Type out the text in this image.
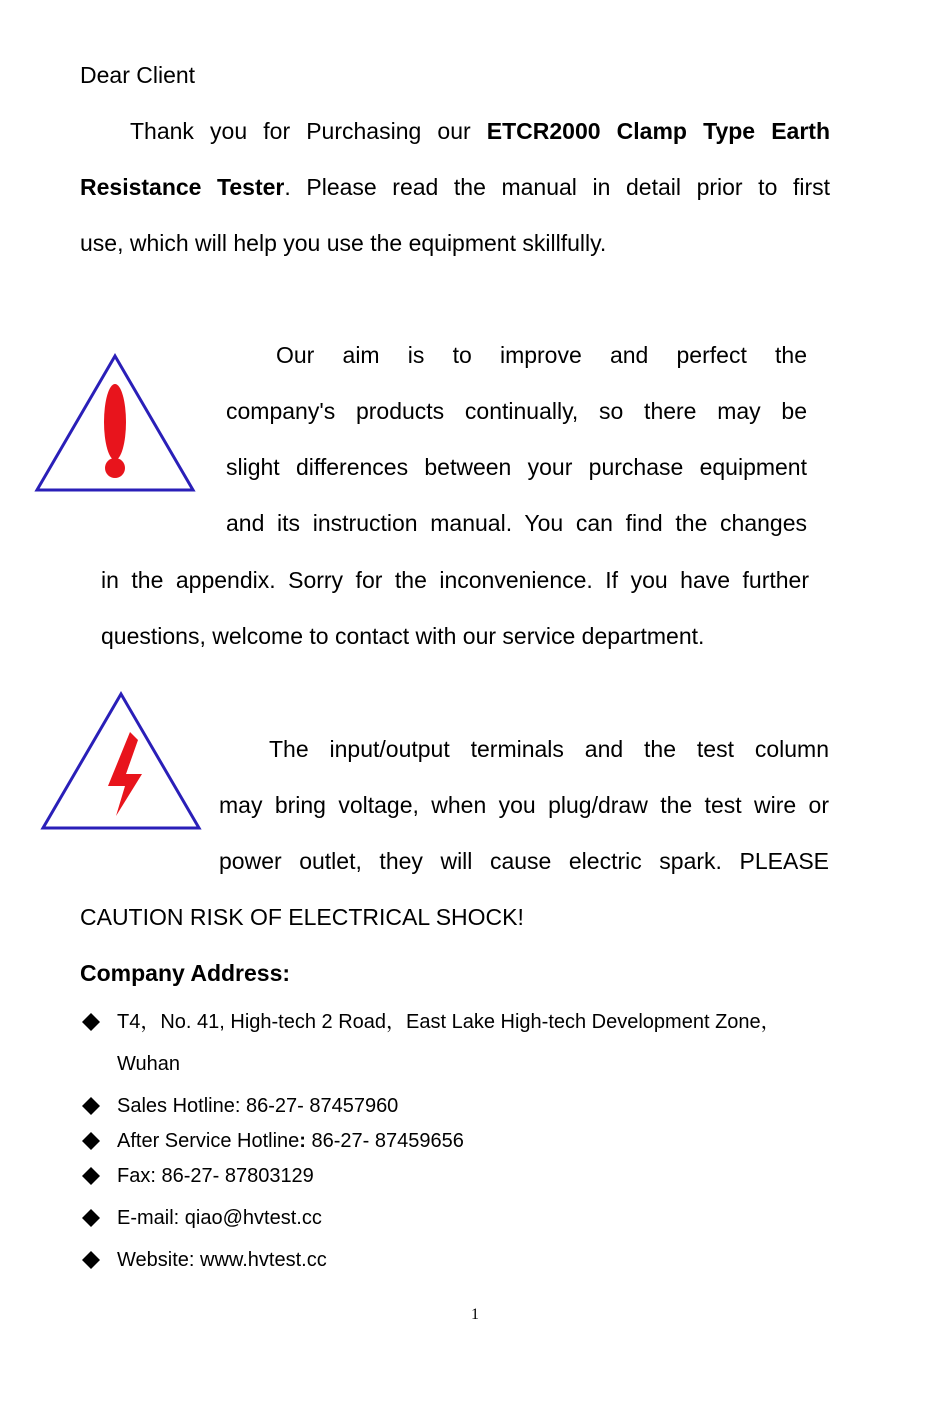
Dear Client
Thank you for Purchasing our ETCR2000 Clamp Type Earth
Resistance Tester. Please read the manual in detail prior to first
use, which will help you use the equipment skillfully.
Our aim is to improve and perfect the
company's products continually, so there may be
slight differences between your purchase equipment
and its instruction manual. You can find the changes
in the appendix. Sorry for the inconvenience. If you have further
questions, welcome to contact with our service department.
The input/output terminals and the test column
may bring voltage, when you plug/draw the test wire or
power outlet, they will cause electric spark. PLEASE
CAUTION RISK OF ELECTRICAL SHOCK!
Company Address:
T4，No. 41, High-tech 2 Road，East Lake High-tech Development Zone，
Wuhan
Sales Hotline: 86-27- 87457960
After Service Hotline: 86-27- 87459656
Fax: 86-27- 87803129
E-mail: qiao@hvtest.cc
Website: www.hvtest.cc
1
